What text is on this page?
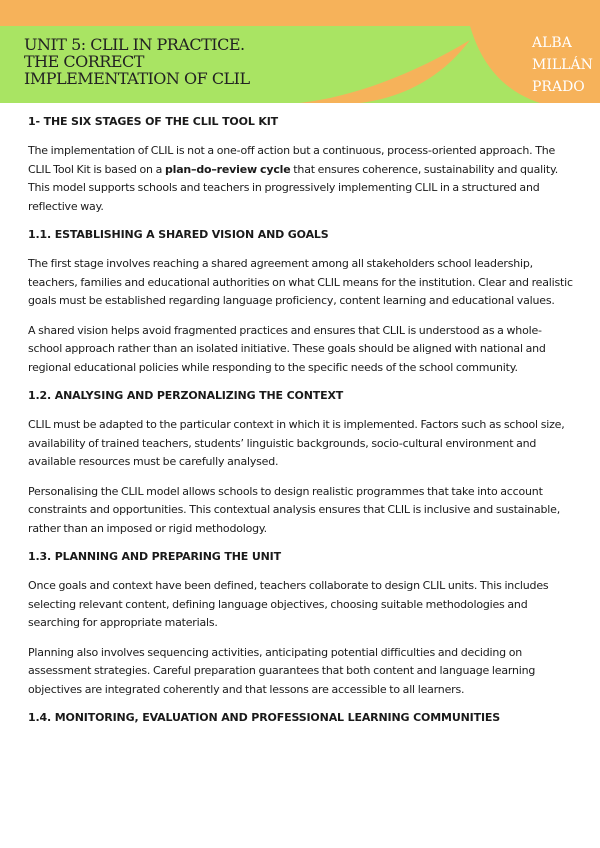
UNIT 5: CLIL IN PRACTICE.
THE CORRECT
IMPLEMENTATION OF CLIL
ALBA
MILLÁN
PRADO
1- THE SIX STAGES OF THE CLIL TOOL KIT

The implementation of CLIL is not a one-off action but a continuous, process-oriented approach. The CLIL Tool Kit is based on a plan–do–review cycle that ensures coherence, sustainability and quality. This model supports schools and teachers in progressively implementing CLIL in a structured and reflective way.

1.1. ESTABLISHING A SHARED VISION AND GOALS

The first stage involves reaching a shared agreement among all stakeholders school leadership, teachers, families and educational authorities on what CLIL means for the institution. Clear and realistic goals must be established regarding language proficiency, content learning and educational values.

A shared vision helps avoid fragmented practices and ensures that CLIL is understood as a whole-school approach rather than an isolated initiative. These goals should be aligned with national and regional educational policies while responding to the specific needs of the school community.

1.2. ANALYSING AND PERZONALIZING THE CONTEXT

CLIL must be adapted to the particular context in which it is implemented. Factors such as school size, availability of trained teachers, students’ linguistic backgrounds, socio-cultural environment and available resources must be carefully analysed.

Personalising the CLIL model allows schools to design realistic programmes that take into account constraints and opportunities. This contextual analysis ensures that CLIL is inclusive and sustainable, rather than an imposed or rigid methodology.

1.3. PLANNING AND PREPARING THE UNIT

Once goals and context have been defined, teachers collaborate to design CLIL units. This includes selecting relevant content, defining language objectives, choosing suitable methodologies and searching for appropriate materials.

Planning also involves sequencing activities, anticipating potential difficulties and deciding on assessment strategies. Careful preparation guarantees that both content and language learning objectives are integrated coherently and that lessons are accessible to all learners.

1.4. MONITORING, EVALUATION AND PROFESSIONAL LEARNING COMMUNITIES
